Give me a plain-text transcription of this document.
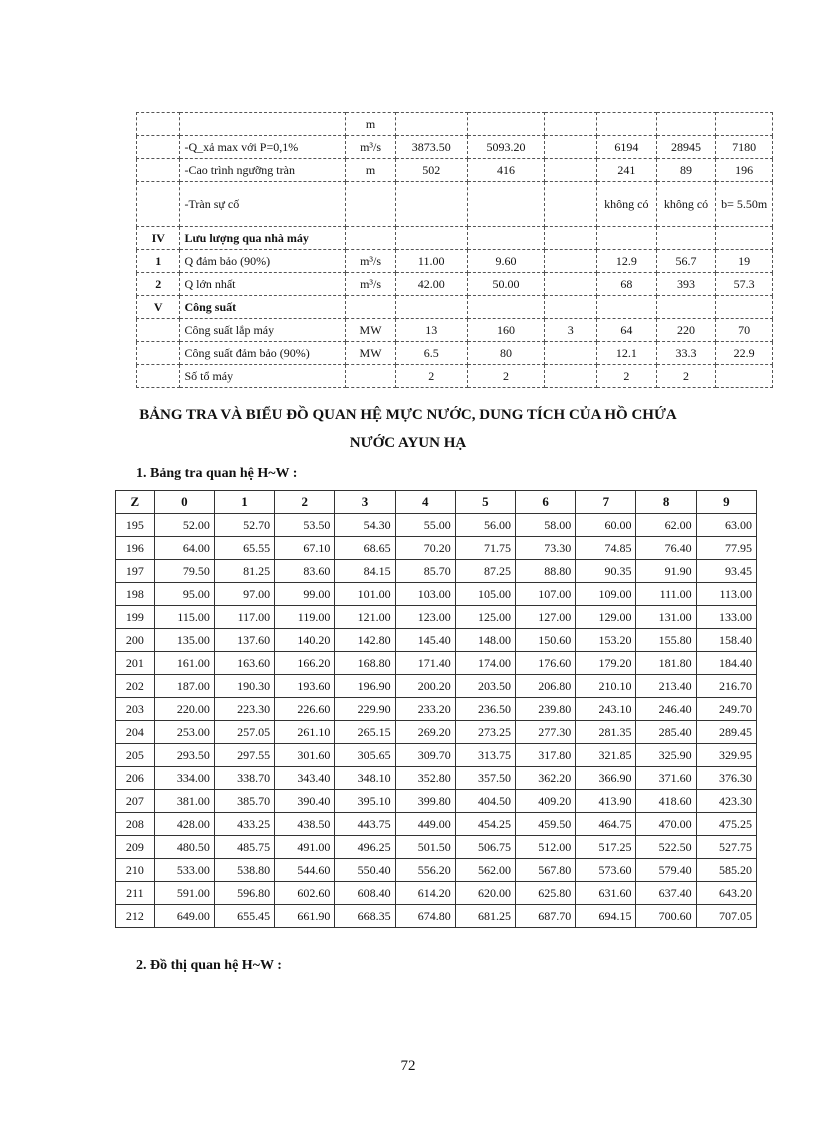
		m						
	-Q_xả max với P=0,1%	m³/s	3873.50	5093.20		6194	28945	7180
	-Cao trình ngưỡng tràn	m	502	416		241	89	196
	-Tràn sự cố					không có	không có	b= 5.50m
IV	Lưu lượng qua nhà máy							
1	Q đảm bảo (90%)	m³/s	11.00	9.60		12.9	56.7	19
2	Q lớn nhất	m³/s	42.00	50.00		68	393	57.3
V	Công suất							
	Công suất lắp máy	MW	13	160	3	64	220	70
	Công suất đảm bảo (90%)	MW	6.5	80		12.1	33.3	22.9
	Số tổ máy		2	2		2	2	
BẢNG TRA VÀ BIỂU ĐỒ QUAN HỆ MỰC NƯỚC, DUNG TÍCH CỦA HỒ CHỨA
NƯỚC AYUN HẠ
1. Bảng tra quan hệ H~W :
Z	0	1	2	3	4	5	6	7	8	9
195	52.00	52.70	53.50	54.30	55.00	56.00	58.00	60.00	62.00	63.00
196	64.00	65.55	67.10	68.65	70.20	71.75	73.30	74.85	76.40	77.95
197	79.50	81.25	83.60	84.15	85.70	87.25	88.80	90.35	91.90	93.45
198	95.00	97.00	99.00	101.00	103.00	105.00	107.00	109.00	111.00	113.00
199	115.00	117.00	119.00	121.00	123.00	125.00	127.00	129.00	131.00	133.00
200	135.00	137.60	140.20	142.80	145.40	148.00	150.60	153.20	155.80	158.40
201	161.00	163.60	166.20	168.80	171.40	174.00	176.60	179.20	181.80	184.40
202	187.00	190.30	193.60	196.90	200.20	203.50	206.80	210.10	213.40	216.70
203	220.00	223.30	226.60	229.90	233.20	236.50	239.80	243.10	246.40	249.70
204	253.00	257.05	261.10	265.15	269.20	273.25	277.30	281.35	285.40	289.45
205	293.50	297.55	301.60	305.65	309.70	313.75	317.80	321.85	325.90	329.95
206	334.00	338.70	343.40	348.10	352.80	357.50	362.20	366.90	371.60	376.30
207	381.00	385.70	390.40	395.10	399.80	404.50	409.20	413.90	418.60	423.30
208	428.00	433.25	438.50	443.75	449.00	454.25	459.50	464.75	470.00	475.25
209	480.50	485.75	491.00	496.25	501.50	506.75	512.00	517.25	522.50	527.75
210	533.00	538.80	544.60	550.40	556.20	562.00	567.80	573.60	579.40	585.20
211	591.00	596.80	602.60	608.40	614.20	620.00	625.80	631.60	637.40	643.20
212	649.00	655.45	661.90	668.35	674.80	681.25	687.70	694.15	700.60	707.05
2. Đồ thị quan hệ H~W :
72
